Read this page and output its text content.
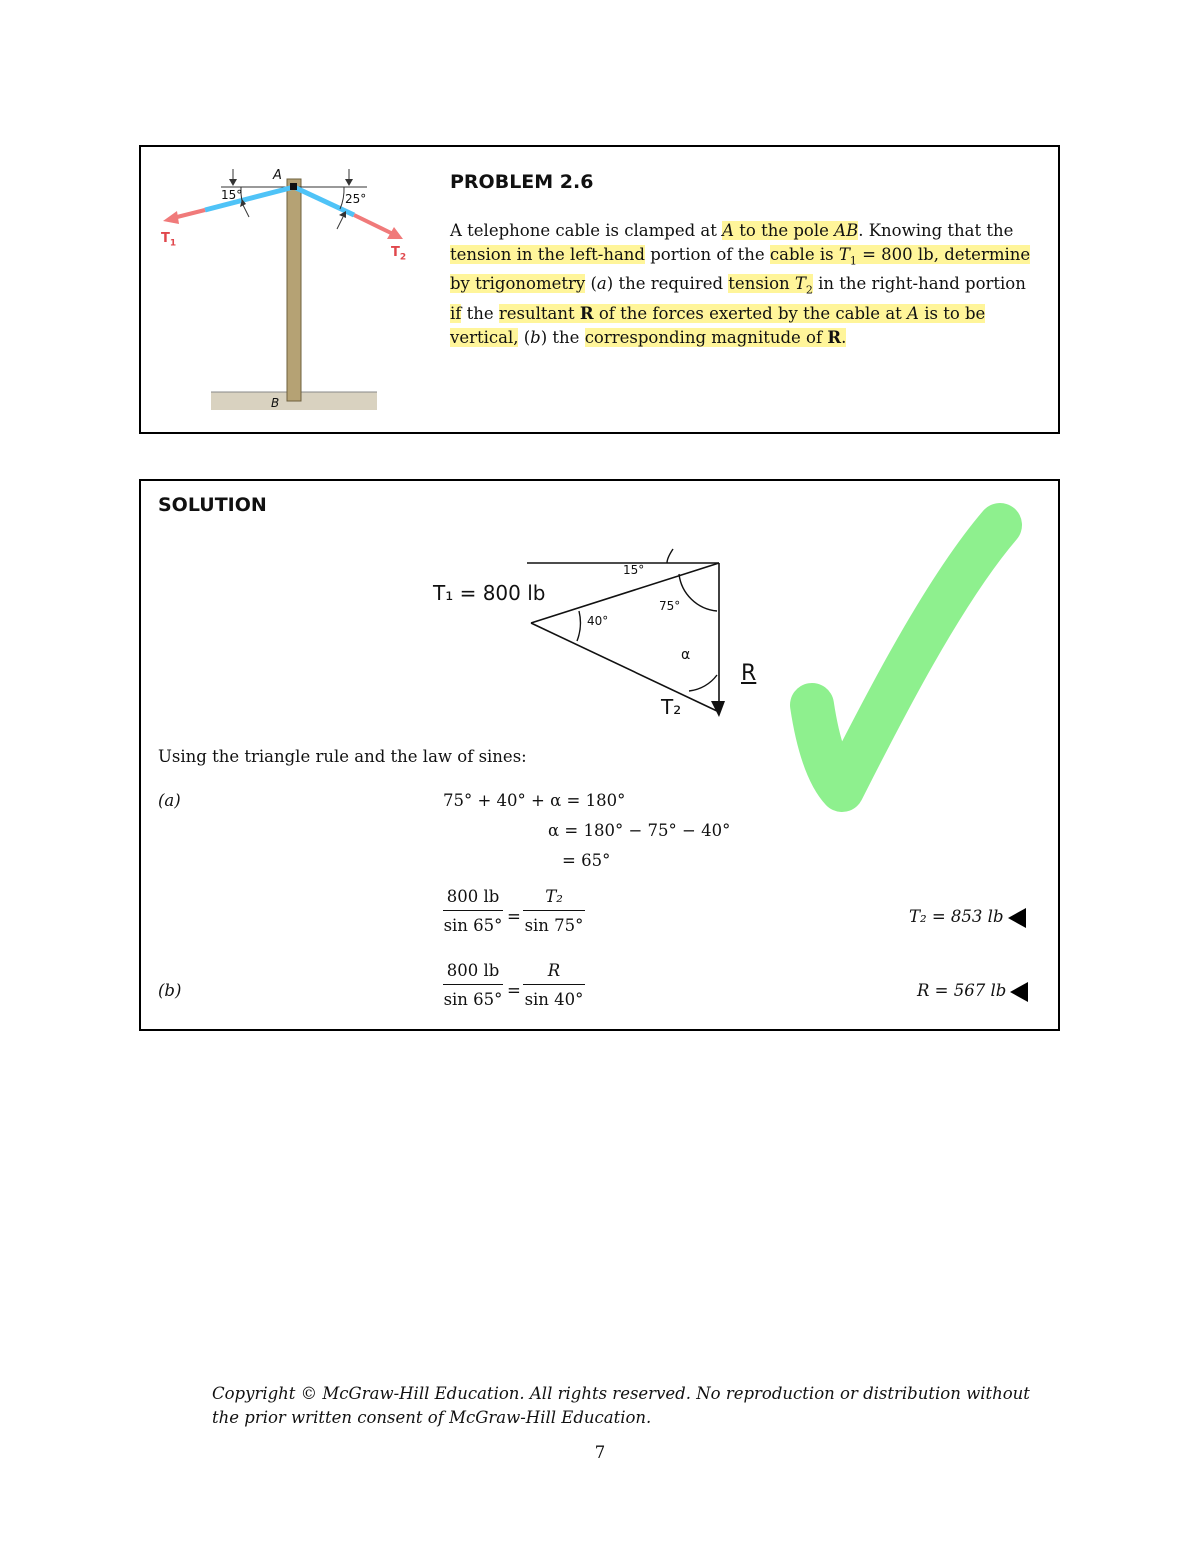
A
B
15°	25°
$T_1$
$T_2$
PROBLEM 2.6
A telephone cable is clamped at A to the pole AB. Knowing that the tension in the left-hand portion of the cable is $T_1 = 800$ lb, determine by trigonometry (a) the required tension $T_2$ in the right-hand portion if the resultant R of the forces exerted by the cable at A is to be vertical, (b) the corresponding magnitude of R.
SOLUTION
T₁ = 800 lb
15°
40°
75°
α
R
T₂
Using the triangle rule and the law of sines:
(a)	75° + 40° + α = 180°
α = 180° − 75° − 40°
= 65°
$\frac{800 lb}{\sin 65^\circ} = \frac{\text{T₂}}{\sin 75^\circ}$	T₂ = 853 lb
(b)	$\frac{800 lb}{\sin 65^\circ} = \frac{R}{\sin 40^\circ}$	R = 567 lb
Copyright © McGraw-Hill Education. All rights reserved. No reproduction or distribution without the prior written consent of McGraw-Hill Education.
7
